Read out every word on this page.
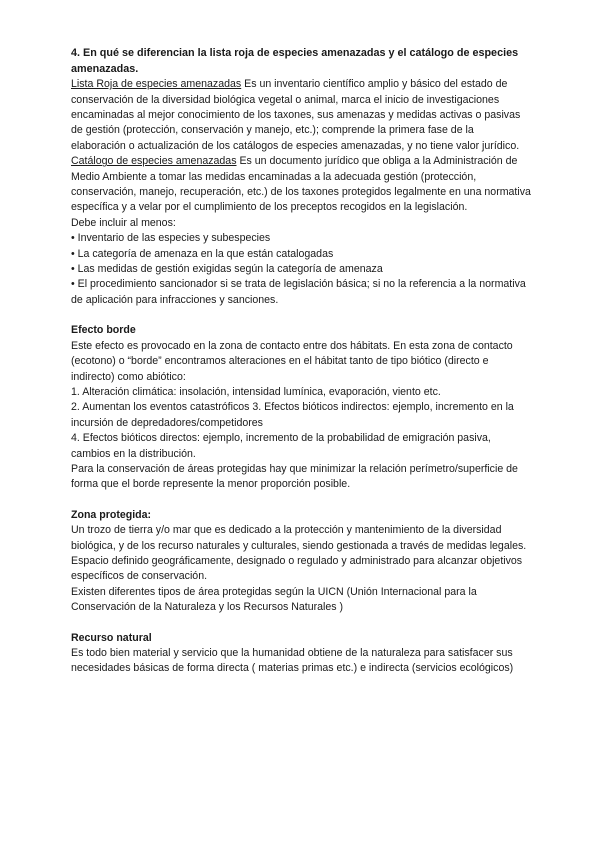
4. En qué se diferencian la lista roja de especies amenazadas y el catálogo de especies amenazadas.

Lista Roja de especies amenazadas Es un inventario científico amplio y básico del estado de conservación de la diversidad biológica vegetal o animal, marca el inicio de investigaciones encaminadas al mejor conocimiento de los taxones, sus amenazas y medidas activas o pasivas de gestión (protección, conservación y manejo, etc.); comprende la primera fase de la elaboración o actualización de los catálogos de especies amenazadas, y no tiene valor jurídico.

Catálogo de especies amenazadas Es un documento jurídico que obliga a la Administración de Medio Ambiente a tomar las medidas encaminadas a la adecuada gestión (protección, conservación, manejo, recuperación, etc.) de los taxones protegidos legalmente en una normativa específica y a velar por el cumplimiento de los preceptos recogidos en la legislación.

Debe incluir al menos:

• Inventario de las especies y subespecies

• La categoría de amenaza en la que están catalogadas

• Las medidas de gestión exigidas según la categoría de amenaza

• El procedimiento sancionador si se trata de legislación básica; si no la referencia a la normativa de aplicación para infracciones y sanciones.

Efecto borde

Este efecto es provocado en la zona de contacto entre dos hábitats. En esta zona de contacto (ecotono) o “borde” encontramos alteraciones en el hábitat tanto de tipo biótico (directo e indirecto) como abiótico:

1. Alteración climática: insolación, intensidad lumínica, evaporación, viento etc.

2. Aumentan los eventos catastróficos 3. Efectos bióticos indirectos: ejemplo, incremento en la incursión de depredadores/competidores

4. Efectos bióticos directos: ejemplo, incremento de la probabilidad de emigración pasiva, cambios en la distribución.

Para la conservación de áreas protegidas hay que minimizar la relación perímetro/superficie de forma que el borde represente la menor proporción posible.

Zona protegida:

Un trozo de tierra y/o mar que es dedicado a la protección y mantenimiento de la diversidad biológica, y de los recurso naturales y culturales, siendo gestionada a través de medidas legales.

Espacio definido geográficamente, designado o regulado y administrado para alcanzar objetivos específicos de conservación.

Existen diferentes tipos de área protegidas según la UICN (Unión Internacional para la Conservación de la Naturaleza y los Recursos Naturales )

Recurso natural

Es todo bien material y servicio que la humanidad obtiene de la naturaleza para satisfacer sus necesidades básicas de forma directa ( materias primas etc.) e indirecta (servicios ecológicos)
